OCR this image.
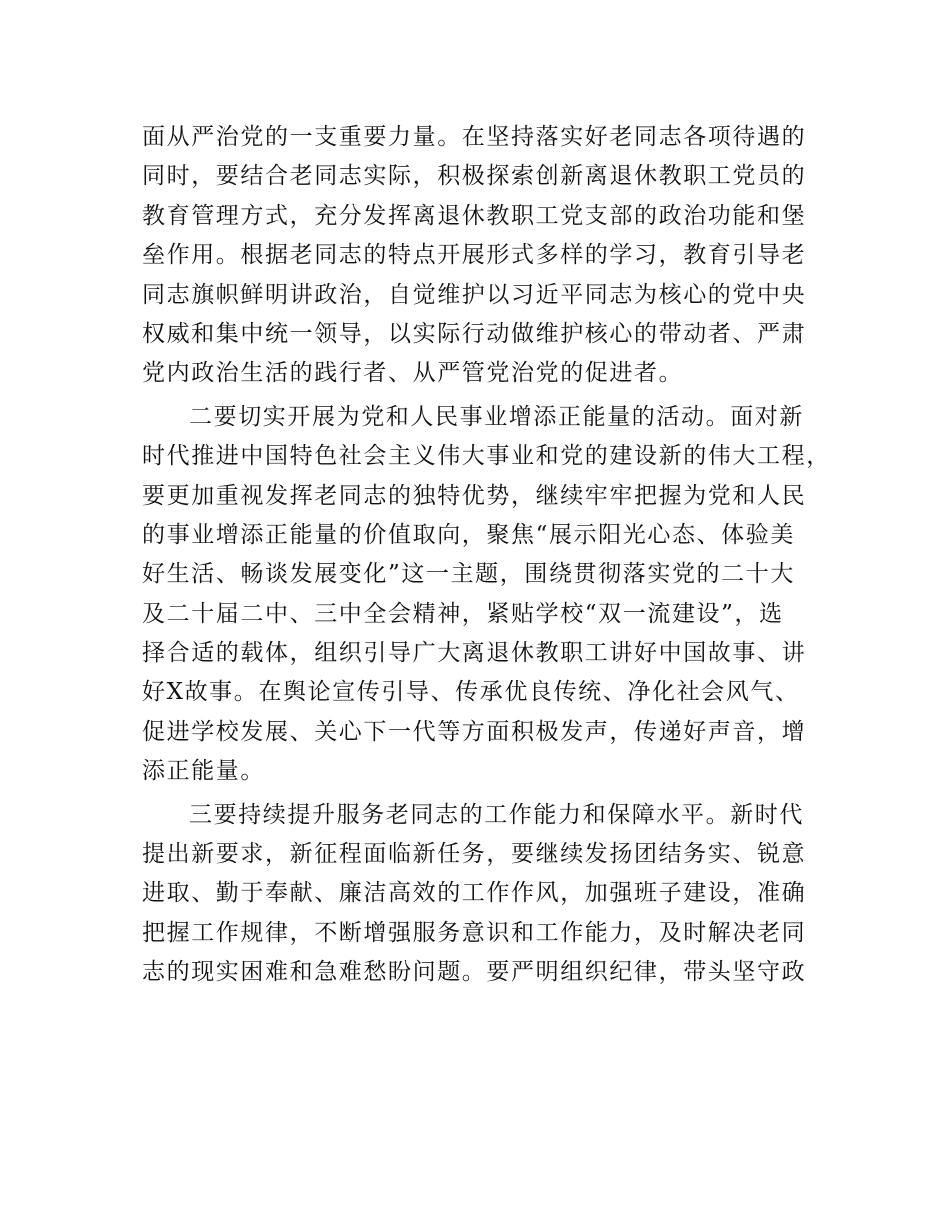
面从严治党的一支重要力量。在坚持落实好老同志各项待遇的
同时，要结合老同志实际，积极探索创新离退休教职工党员的
教育管理方式，充分发挥离退休教职工党支部的政治功能和堡
垒作用。根据老同志的特点开展形式多样的学习，教育引导老
同志旗帜鲜明讲政治，自觉维护以习近平同志为核心的党中央
权威和集中统一领导，以实际行动做维护核心的带动者、严肃
党内政治生活的践行者、从严管党治党的促进者。
二要切实开展为党和人民事业增添正能量的活动。面对新
时代推进中国特色社会主义伟大事业和党的建设新的伟大工程，
要更加重视发挥老同志的独特优势，继续牢牢把握为党和人民
的事业增添正能量的价值取向，聚焦“展示阳光心态、体验美
好生活、畅谈发展变化”这一主题，围绕贯彻落实党的二十大
及二十届二中、三中全会精神，紧贴学校“双一流建设”，选
择合适的载体，组织引导广大离退休教职工讲好中国故事、讲
好X故事。在舆论宣传引导、传承优良传统、净化社会风气、
促进学校发展、关心下一代等方面积极发声，传递好声音，增
添正能量。
三要持续提升服务老同志的工作能力和保障水平。新时代
提出新要求，新征程面临新任务，要继续发扬团结务实、锐意
进取、勤于奉献、廉洁高效的工作作风，加强班子建设，准确
把握工作规律，不断增强服务意识和工作能力，及时解决老同
志的现实困难和急难愁盼问题。要严明组织纪律，带头坚守政
